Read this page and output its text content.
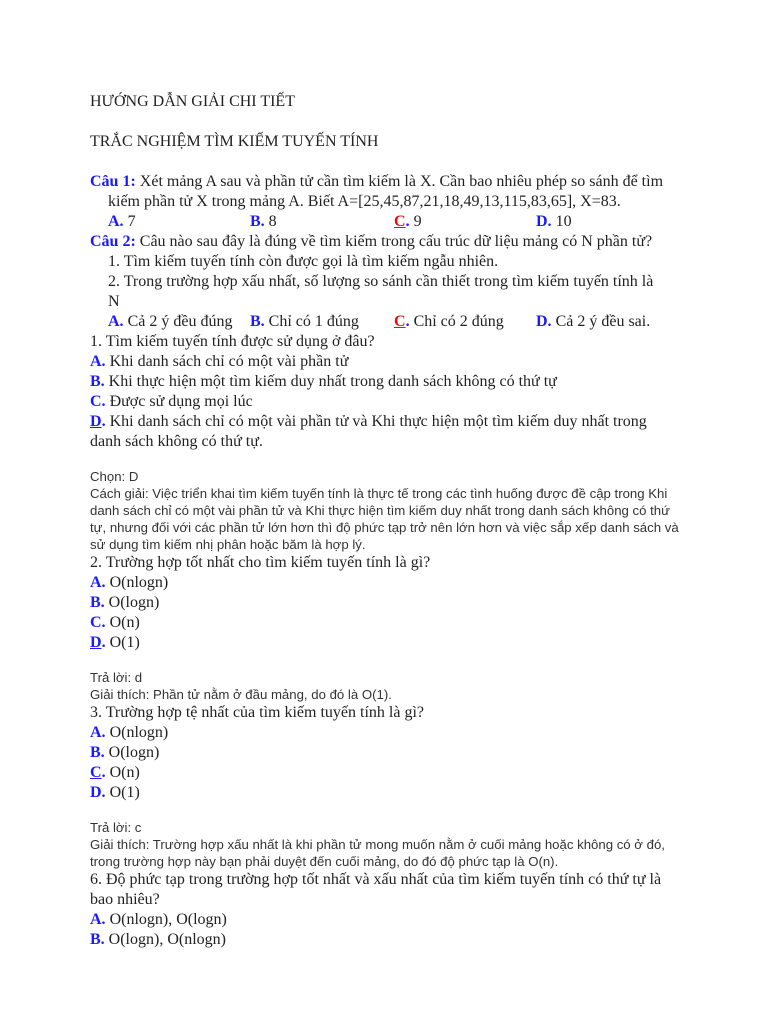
HƯỚNG DẪN GIẢI CHI TIẾT
TRẮC NGHIỆM TÌM KIẾM TUYẾN TÍNH
Câu 1: Xét mảng A sau và phần tử cần tìm kiếm là X. Cần bao nhiêu phép so sánh để tìm
kiếm phần tử X trong mảng A. Biết A=[25,45,87,21,18,49,13,115,83,65], X=83.
A. 7	B. 8	C. 9	D. 10
Câu 2: Câu nào sau đây là đúng về tìm kiếm trong cấu trúc dữ liệu mảng có N phần tử?
1. Tìm kiếm tuyến tính còn được gọi là tìm kiếm ngẫu nhiên.
2. Trong trường hợp xấu nhất, số lượng so sánh cần thiết trong tìm kiếm tuyến tính là
N
A. Cả 2 ý đều đúng B. Chỉ có 1 đúng C. Chỉ có 2 đúng D. Cả 2 ý đều sai.
1. Tìm kiếm tuyến tính được sử dụng ở đâu?
A. Khi danh sách chỉ có một vài phần tử
B. Khi thực hiện một tìm kiếm duy nhất trong danh sách không có thứ tự
C. Được sử dụng mọi lúc
D. Khi danh sách chỉ có một vài phần tử và Khi thực hiện một tìm kiếm duy nhất trong danh sách không có thứ tự.
Chọn: D
Cách giải: Việc triển khai tìm kiếm tuyến tính là thực tế trong các tình huống được đề cập trong Khi danh sách chỉ có một vài phần tử và Khi thực hiện tìm kiếm duy nhất trong danh sách không có thứ tự, nhưng đối với các phần tử lớn hơn thì độ phức tạp trở nên lớn hơn và việc sắp xếp danh sách và sử dụng tìm kiếm nhị phân hoặc băm là hợp lý.
2. Trường hợp tốt nhất cho tìm kiếm tuyến tính là gì?
A. O(nlogn)
B. O(logn)
C. O(n)
D. O(1)
Trả lời: d
Giải thích: Phần tử nằm ở đầu mảng, do đó là O(1).
3. Trường hợp tệ nhất của tìm kiếm tuyến tính là gì?
A. O(nlogn)
B. O(logn)
C. O(n)
D. O(1)
Trả lời: c
Giải thích: Trường hợp xấu nhất là khi phần tử mong muốn nằm ở cuối mảng hoặc không có ở đó, trong trường hợp này bạn phải duyệt đến cuối mảng, do đó độ phức tạp là O(n).
6. Độ phức tạp trong trường hợp tốt nhất và xấu nhất của tìm kiếm tuyến tính có thứ tự là bao nhiêu?
A. O(nlogn), O(logn)
B. O(logn), O(nlogn)
